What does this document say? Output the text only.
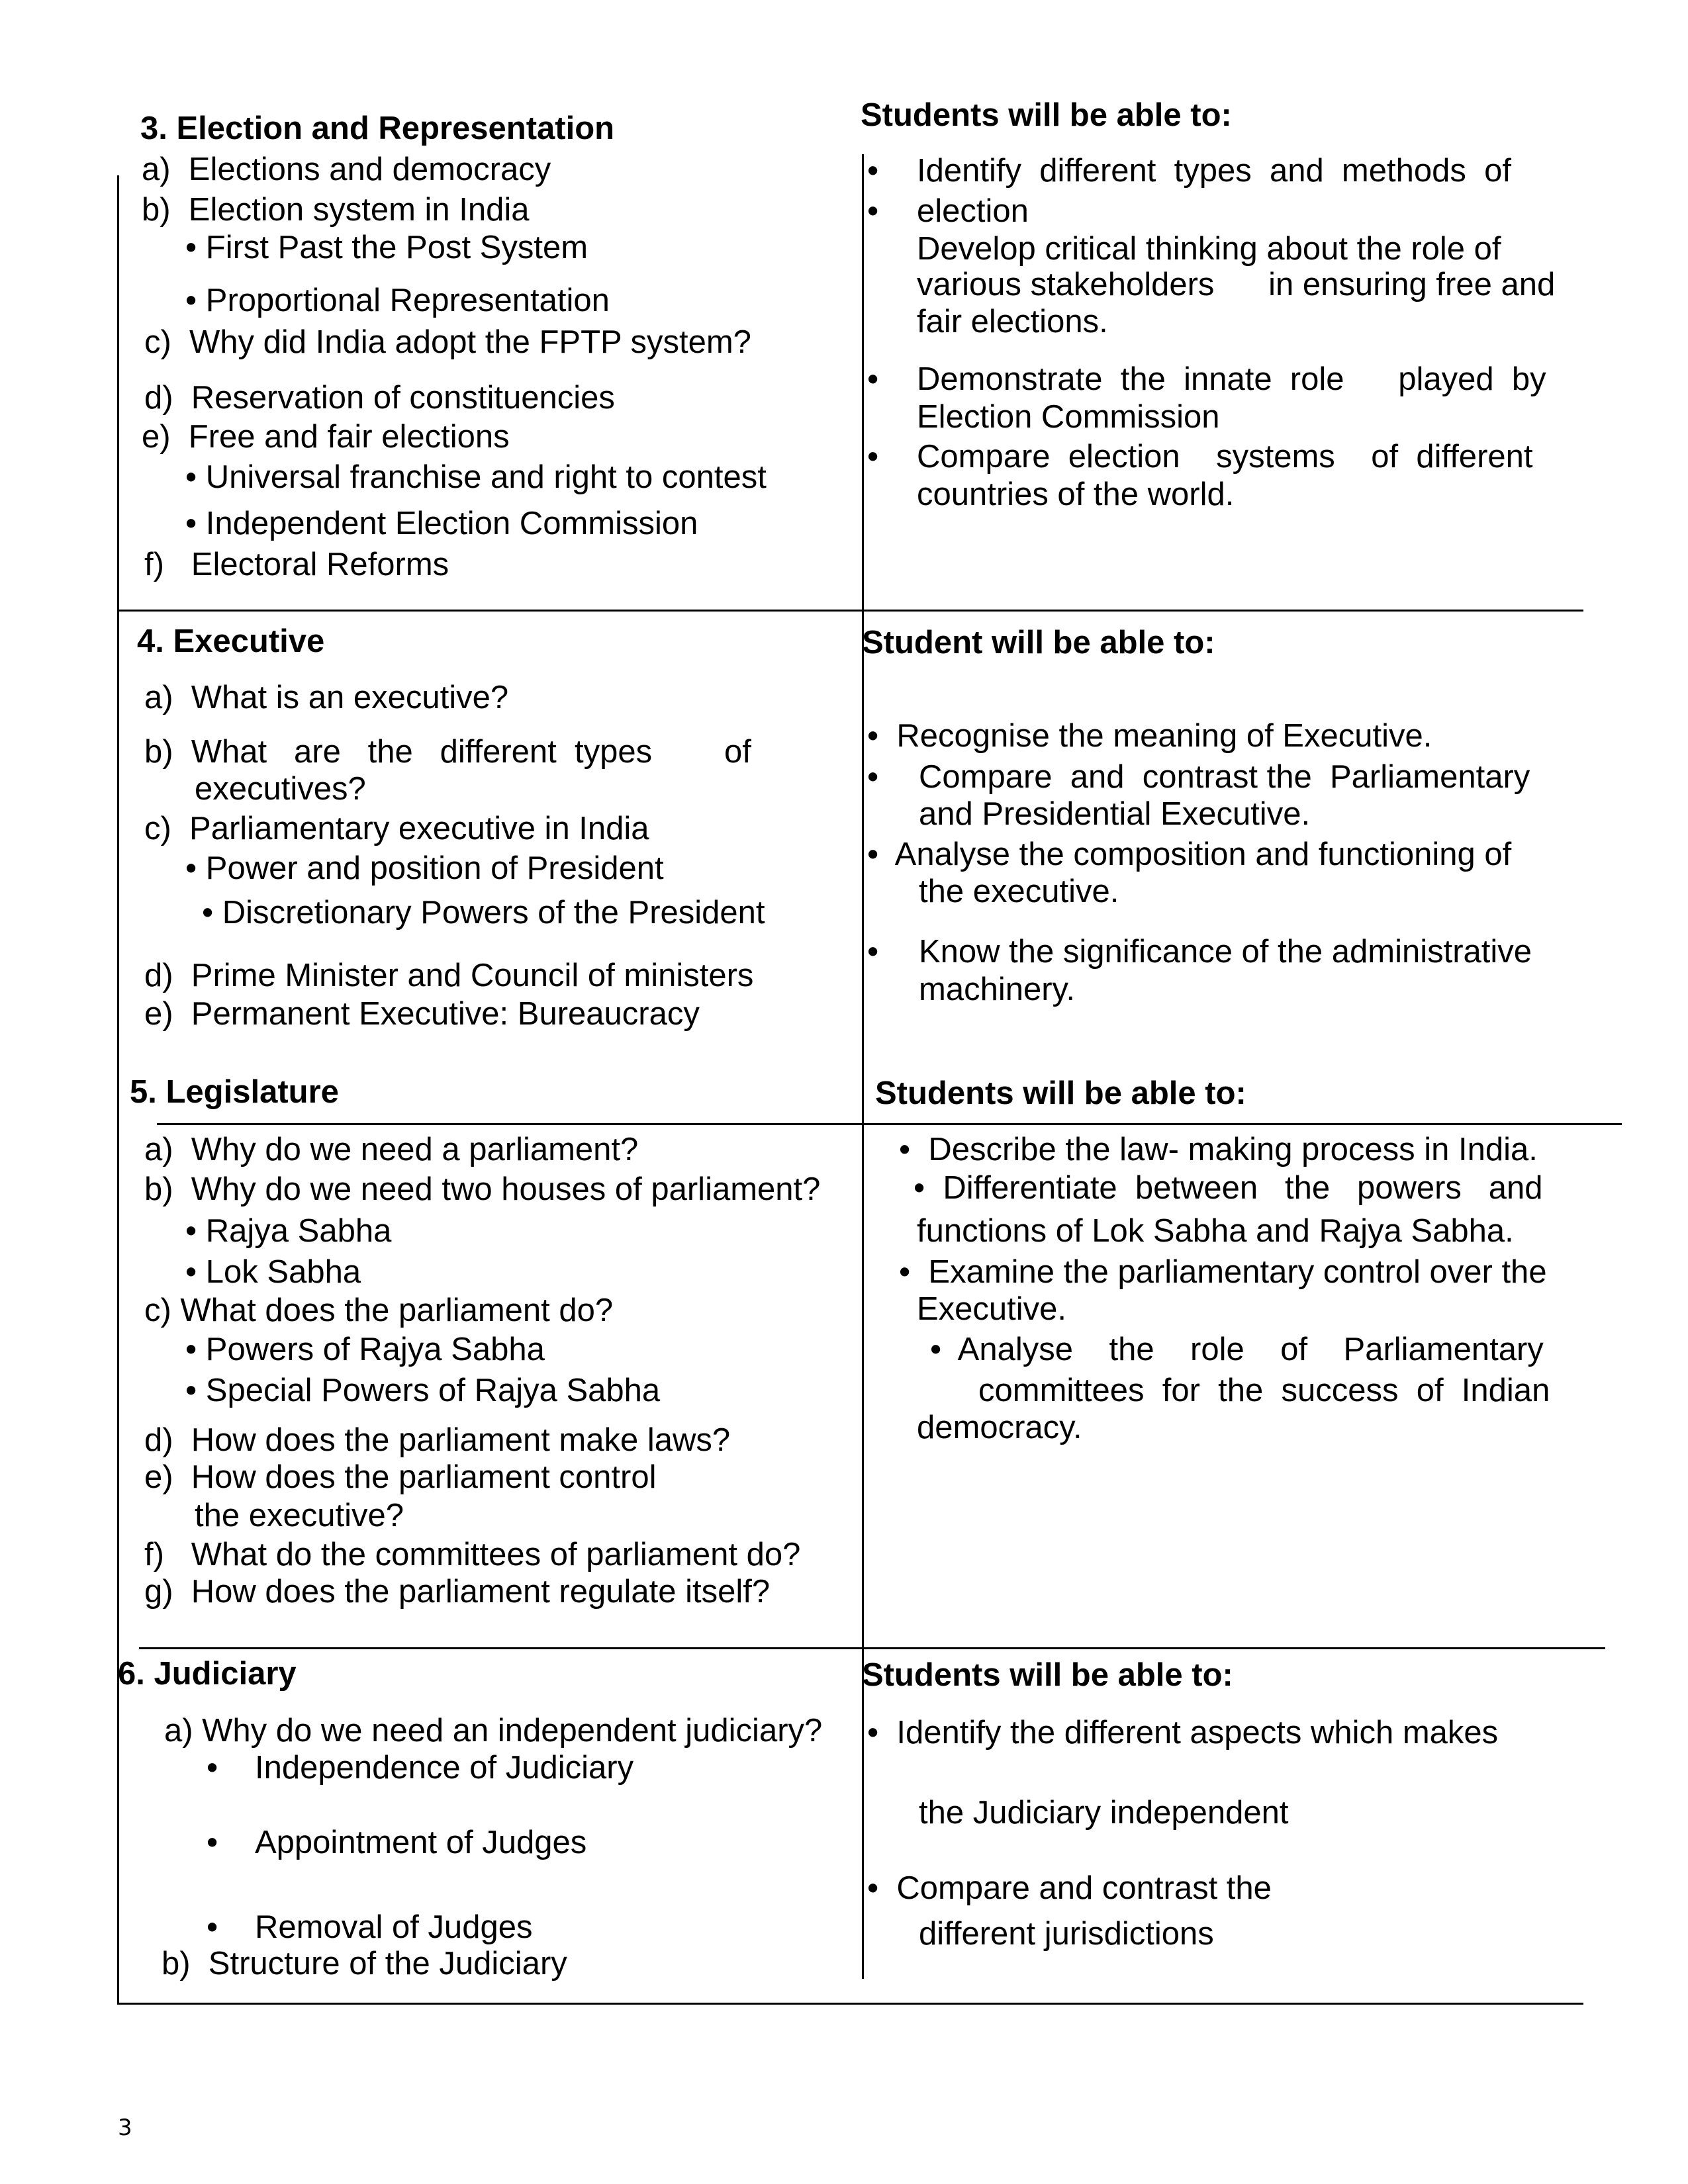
3. Election and Representation
a)  Elections and democracy
b)  Election system in India
• First Past the Post System
• Proportional Representation
c)  Why did India adopt the FPTP system?
d)  Reservation of constituencies
e)  Free and fair elections
• Universal franchise and right to contest
• Independent Election Commission
f)   Electoral Reforms
Students will be able to:
•
•
Identify  different  types  and  methods  of
election
Develop critical thinking about the role of
various stakeholders      in ensuring free and
fair elections.
• Demonstrate  the  innate  role      played  by
Election Commission
• Compare  election    systems    of  different
countries of the world.
4. Executive
a)  What is an executive?
b)  What   are   the   different  types        of
executives?
c)  Parliamentary executive in India
• Power and position of President
• Discretionary Powers of the President
d)  Prime Minister and Council of ministers
e)  Permanent Executive: Bureaucracy
Student will be able to:
•  Recognise the meaning of Executive.
• Compare  and  contrast the  Parliamentary
and Presidential Executive.
•  Analyse the composition and functioning of
the executive.
• Know the significance of the administrative
machinery.
5. Legislature
a)  Why do we need a parliament?
b)  Why do we need two houses of parliament?
• Rajya Sabha
• Lok Sabha
c) What does the parliament do?
• Powers of Rajya Sabha
• Special Powers of Rajya Sabha
d)  How does the parliament make laws?
e)  How does the parliament control
the executive?
f)   What do the committees of parliament do?
g)  How does the parliament regulate itself?
Students will be able to:
•  Describe the law- making process in India.
•  Differentiate  between   the   powers   and
functions of Lok Sabha and Rajya Sabha.
•  Examine the parliamentary control over the
Executive.
•  Analyse    the    role    of    Parliamentary
committees  for  the  success  of  Indian
democracy.
6. Judiciary
a) Why do we need an independent judiciary?
• Independence of Judiciary
• Appointment of Judges
• Removal of Judges
b)  Structure of the Judiciary
Students will be able to:
•  Identify the different aspects which makes
the Judiciary independent
•  Compare and contrast the
different jurisdictions
3
